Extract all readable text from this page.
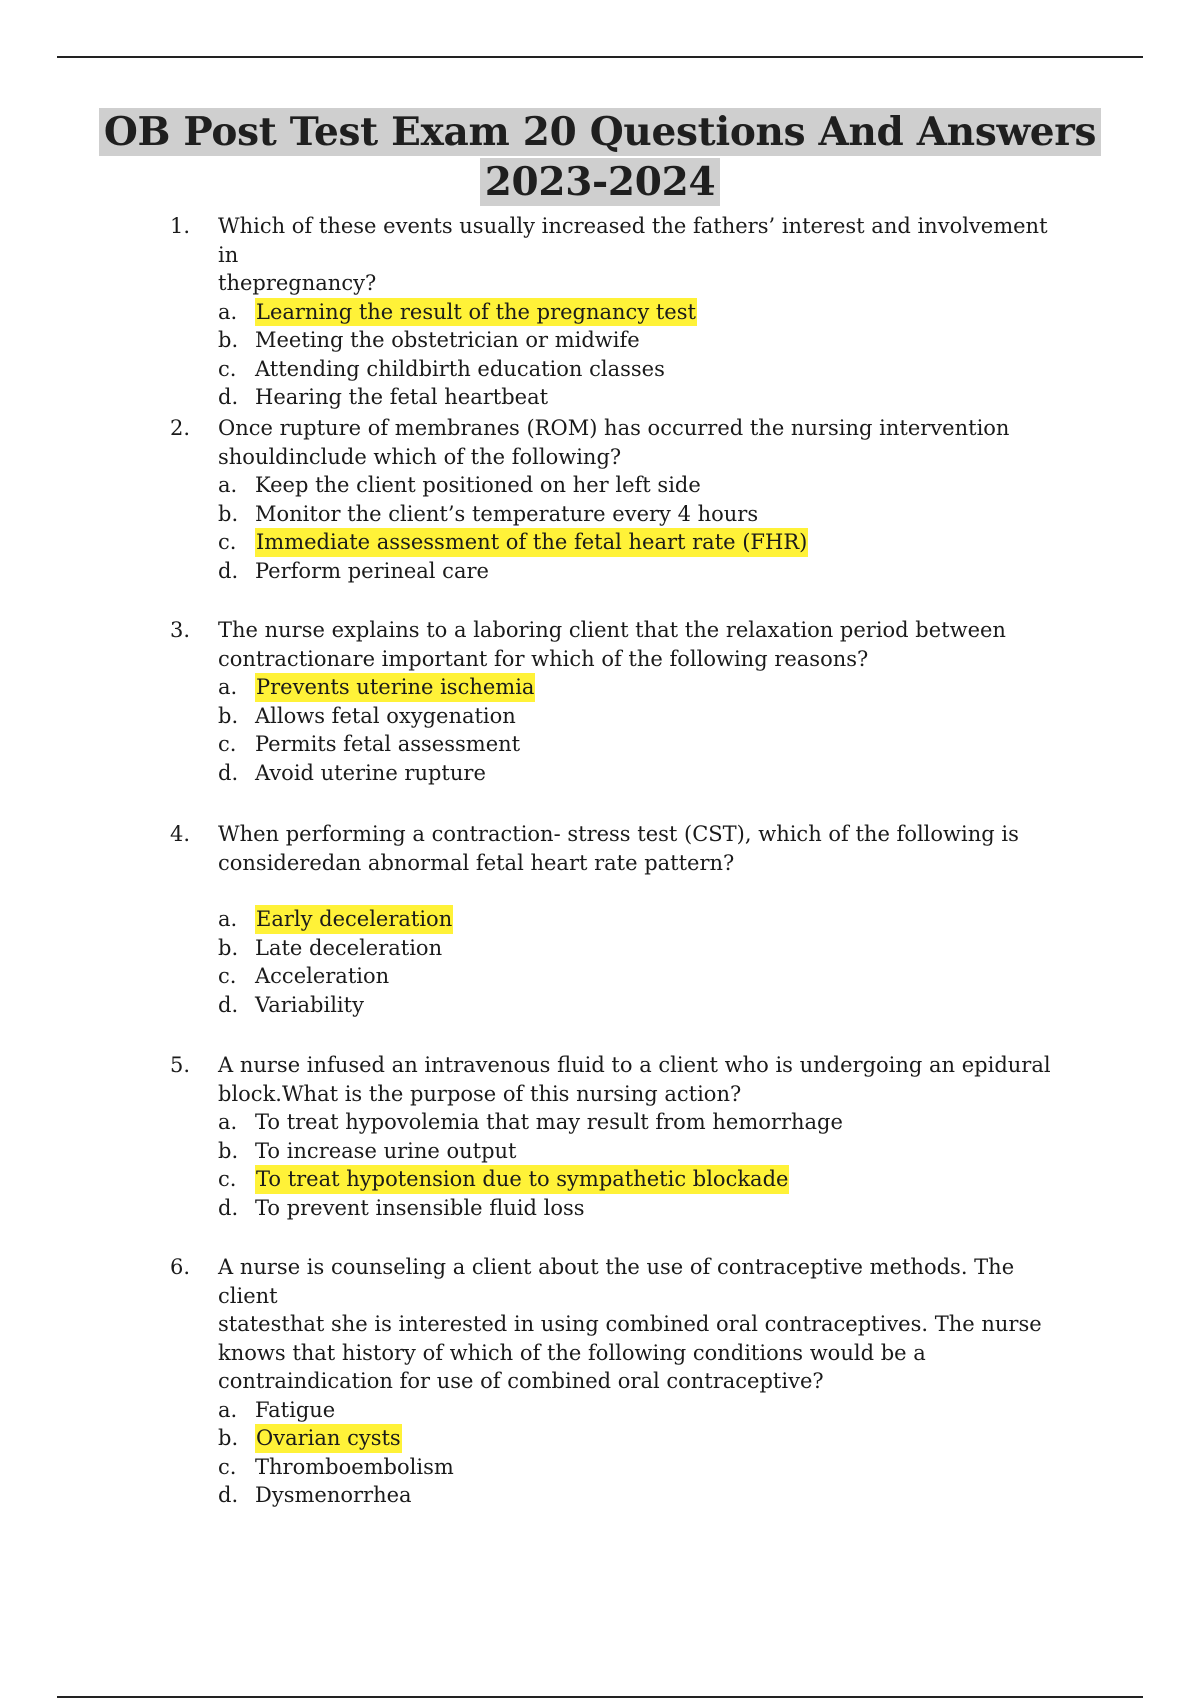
OB Post Test Exam 20 Questions And Answers
2023-2024
1. Which of these events usually increased the fathers’ interest and involvement in
thepregnancy?
a. Learning the result of the pregnancy test
b. Meeting the obstetrician or midwife
c. Attending childbirth education classes
d. Hearing the fetal heartbeat
2. Once rupture of membranes (ROM) has occurred the nursing intervention
shouldinclude which of the following?
a. Keep the client positioned on her left side
b. Monitor the client’s temperature every 4 hours
c. Immediate assessment of the fetal heart rate (FHR)
d. Perform perineal care
3. The nurse explains to a laboring client that the relaxation period between
contractionare important for which of the following reasons?
a. Prevents uterine ischemia
b. Allows fetal oxygenation
c. Permits fetal assessment
d. Avoid uterine rupture
4. When performing a contraction- stress test (CST), which of the following is
consideredan abnormal fetal heart rate pattern?
a. Early deceleration
b. Late deceleration
c. Acceleration
d. Variability
5. A nurse infused an intravenous fluid to a client who is undergoing an epidural
block.What is the purpose of this nursing action?
a. To treat hypovolemia that may result from hemorrhage
b. To increase urine output
c. To treat hypotension due to sympathetic blockade
d. To prevent insensible fluid loss
6. A nurse is counseling a client about the use of contraceptive methods. The client
statesthat she is interested in using combined oral contraceptives. The nurse
knows that history of which of the following conditions would be a
contraindication for use of combined oral contraceptive?
a. Fatigue
b. Ovarian cysts
c. Thromboembolism
d. Dysmenorrhea
